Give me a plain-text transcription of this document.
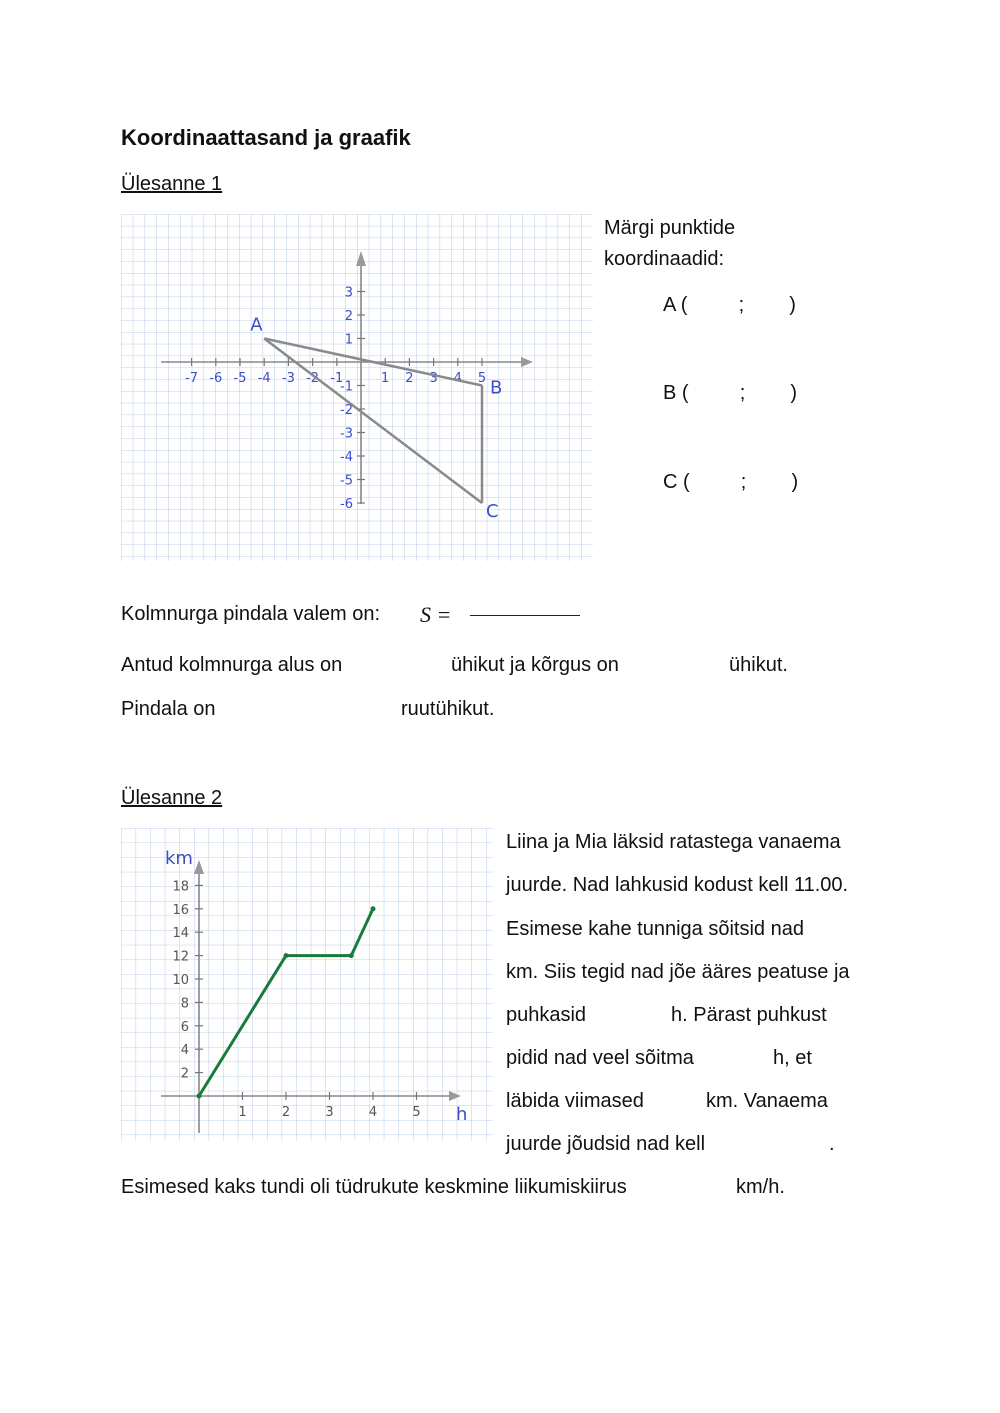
Koordinaattasand ja graafik
Ülesanne 1
-7 -6 -5 -4 -3 -2 -1	1 2 3 4 5
1
2
3
-1
-2
-3
-4
-5
-6
A
B
C
Märgi punktide
koordinaadid:
A (	; )
B (	; )
C (	; )
Kolmnurga pindala valem on: S =
Antud kolmnurga alus on	ühikut ja kõrgus on	ühikut.
Pindala on	ruutühikut.
Ülesanne 2
2
4
6
8
10
12
14
16
18
1	2	3	4	5
km
h
Liina ja Mia läksid ratastega vanaema
juurde. Nad lahkusid kodust kell 11.00.
Esimese kahe tunniga sõitsid nad
km. Siis tegid nad jõe ääres peatuse ja
puhkasid	h. Pärast puhkust
pidid nad veel sõitma	h, et
läbida viimased	km. Vanaema
juurde jõudsid nad kell	.
Esimesed kaks tundi oli tüdrukute keskmine liikumiskiirus	km/h.
